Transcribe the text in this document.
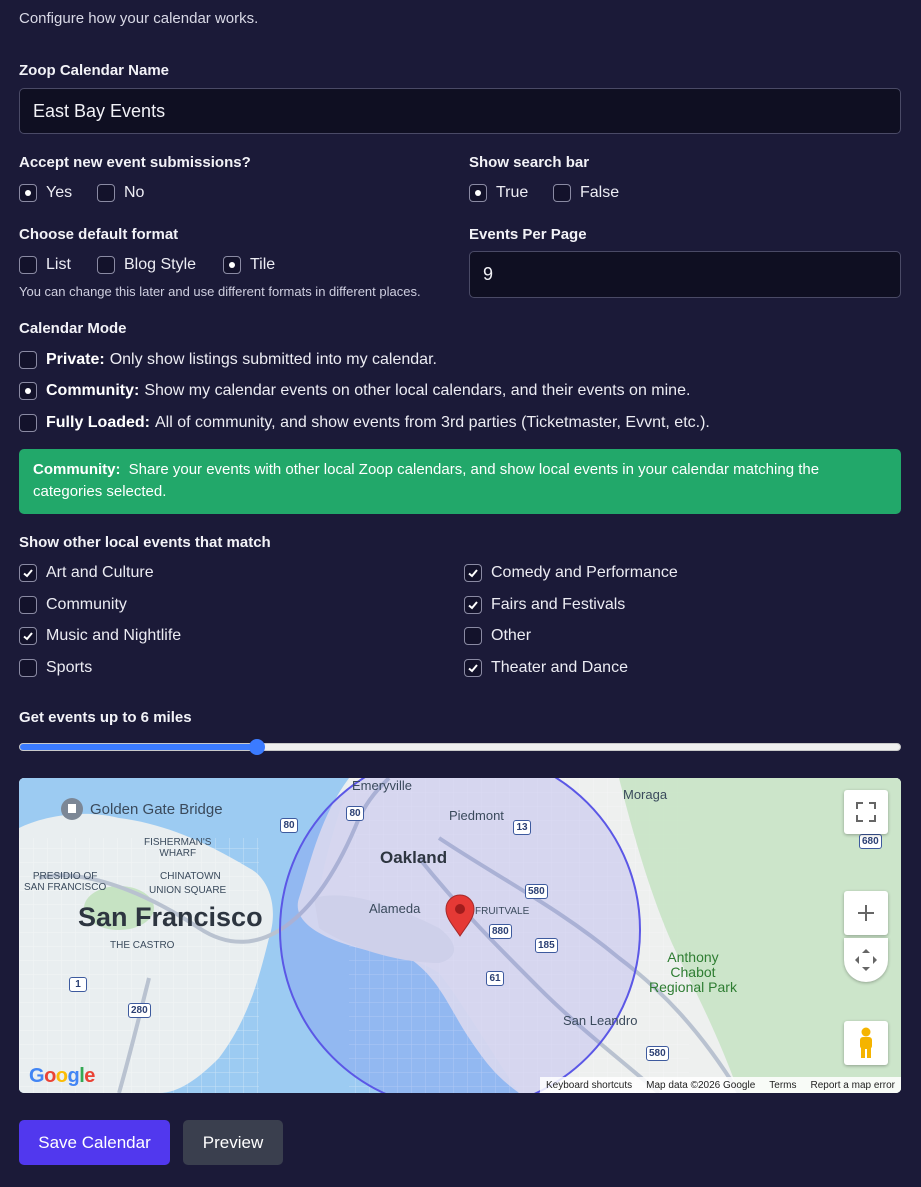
Configure how your calendar works.
Zoop Calendar Name
East Bay Events
Accept new event submissions?
Yes	No
Show search bar
True	False
Choose default format
List	Blog Style	Tile
You can change this later and use different formats in different places.
Events Per Page
9
Calendar Mode
Private: Only show listings submitted into my calendar.
Community: Show my calendar events on other local calendars, and their events on mine.
Fully Loaded: All of community, and show events from 3rd parties (Ticketmaster, Evvnt, etc.).
Community: Share your events with other local Zoop calendars, and show local events in your calendar matching the categories selected.
Show other local events that match
Art and Culture	Comedy and Performance
Community	Fairs and Festivals
Music and Nightlife	Other
Sports	Theater and Dance
Get events up to 6 miles
Golden Gate Bridge
Emeryville
Piedmont
Moraga
FISHERMAN'S
WHARF	Oakland
PRESIDIO OF
SAN FRANCISCO
CHINATOWN
UNION SQUARE
Alameda	FRUITVALE
San Francisco
THE CASTRO
Anthony
Chabot
Regional Park
San Leandro
80
80
13
580
880
185
61
1
280
580
680
Google	Keyboard shortcuts Map data ©2026 Google Terms Report a map error
Save Calendar	Preview
